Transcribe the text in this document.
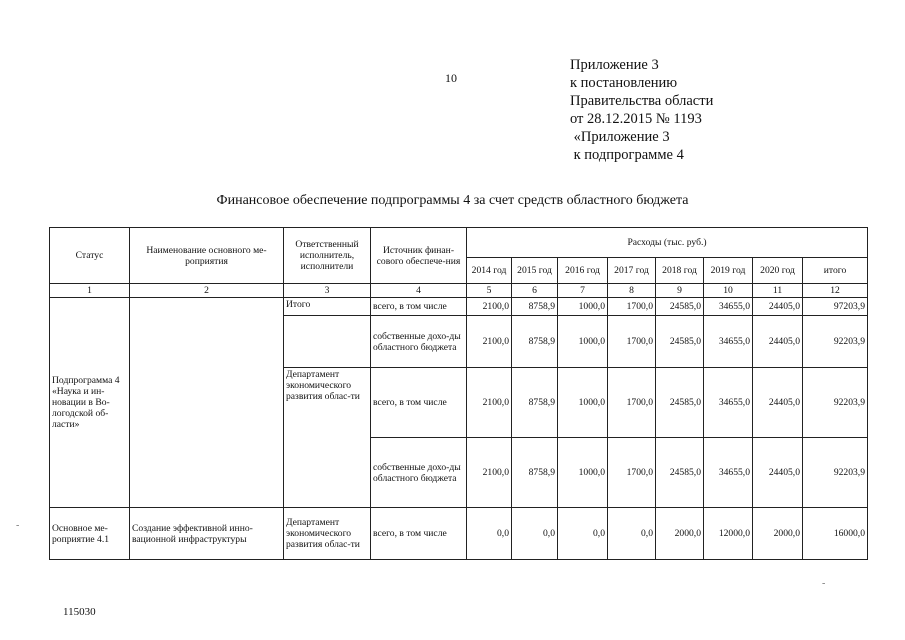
10
Приложение 3
к постановлению
Правительства области
от 28.12.2015 № 1193
«Приложение 3
к подпрограмме 4
Финансовое обеспечение подпрограммы 4 за счет средств областного бюджета
Статус	Наименование основного ме-роприятия	Ответственный исполнитель, исполнители	Источник финан-сового обеспече-ния	Расходы (тыс. руб.)							
				2014 год	2015 год	2016 год	2017 год	2018 год	2019 год	2020 год	итого
1	2	3	4	5	6	7	8	9	10	11	12
Подпрограмма 4 «Наука и ин-новации в Во-логодской об-ласти»		Итого	всего, в том числе	2100,0	8758,9	1000,0	1700,0	24585,0	34655,0	24405,0	97203,9
			собственные дохо-ды областного бюджета	2100,0	8758,9	1000,0	1700,0	24585,0	34655,0	24405,0	92203,9
		Департамент экономического развития облас-ти	всего, в том числе	2100,0	8758,9	1000,0	1700,0	24585,0	34655,0	24405,0	92203,9
			собственные дохо-ды областного бюджета	2100,0	8758,9	1000,0	1700,0	24585,0	34655,0	24405,0	92203,9
Основное ме-роприятие 4.1	Создание эффективной инно-вационной инфраструктуры	Департамент экономического развития облас-ти	всего, в том числе	0,0	0,0	0,0	0,0	2000,0	12000,0	2000,0	16000,0
-
-
115030
